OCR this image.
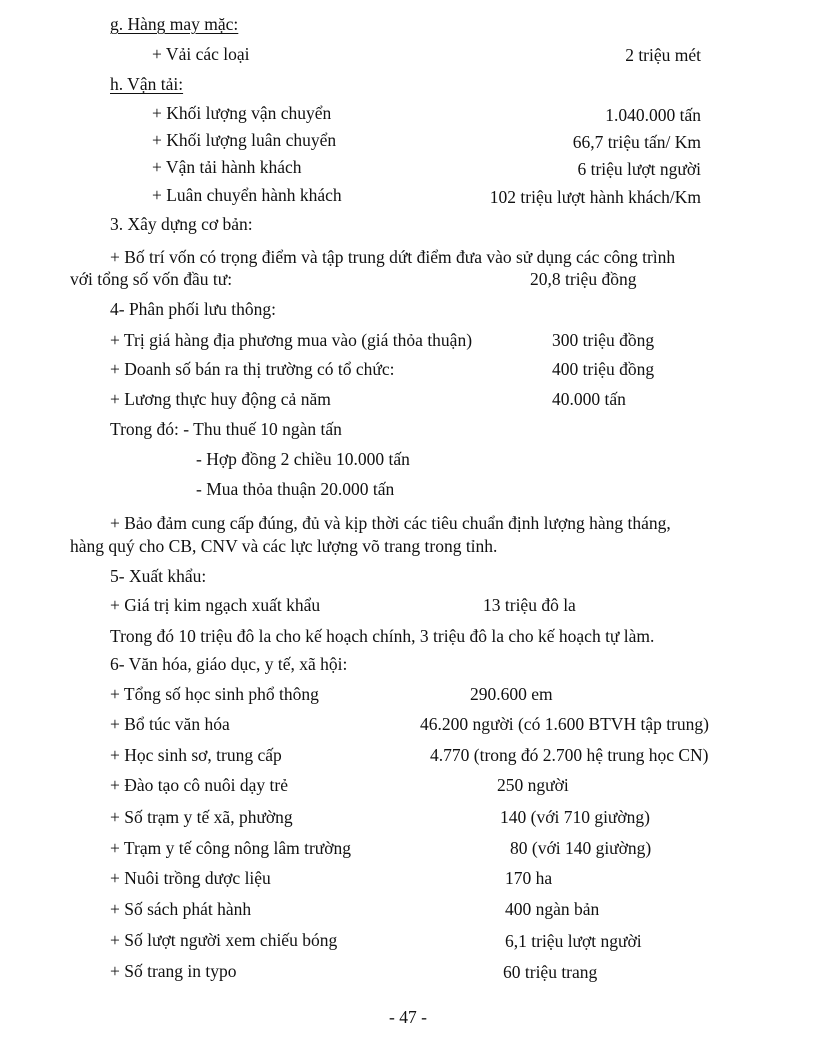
g. Hàng may mặc:
+ Vải các loại	2 triệu mét
h. Vận tải:
+ Khối lượng vận chuyển	1.040.000 tấn
+ Khối lượng luân chuyển	66,7 triệu tấn/ Km
+ Vận tải hành khách	6 triệu lượt người
+ Luân chuyển hành khách	102 triệu lượt hành khách/Km
3. Xây dựng cơ bản:
+ Bố trí vốn có trọng điểm và tập trung dứt điểm đưa vào sử dụng các công trình
với tổng số vốn đầu tư:	20,8 triệu đồng
4- Phân phối lưu thông:
+ Trị giá hàng địa phương mua vào (giá thỏa thuận)	300 triệu đồng
+ Doanh số bán ra thị trường có tổ chức:	400 triệu đồng
+ Lương thực huy động cả năm	40.000 tấn
Trong đó: - Thu thuế 10 ngàn tấn
- Hợp đồng 2 chiều 10.000 tấn
- Mua thỏa thuận 20.000 tấn
+ Bảo đảm cung cấp đúng, đủ và kịp thời các tiêu chuẩn định lượng hàng tháng,
hàng quý cho CB, CNV và các lực lượng võ trang trong tỉnh.
5- Xuất khẩu:
+ Giá trị kim ngạch xuất khẩu	13 triệu đô la
Trong đó 10 triệu đô la cho kế hoạch chính, 3 triệu đô la cho kế hoạch tự làm.
6- Văn hóa, giáo dục, y tế, xã hội:
+ Tổng số học sinh phổ thông	290.600 em
+ Bổ túc văn hóa	46.200 người (có 1.600 BTVH tập trung)
+ Học sinh sơ, trung cấp	4.770 (trong đó 2.700 hệ trung học CN)
+ Đào tạo cô nuôi dạy trẻ	250 người
+ Số trạm y tế xã, phường	140 (với 710 giường)
+ Trạm y tế công nông lâm trường	80 (với 140 giường)
+ Nuôi trồng dược liệu	170 ha
+ Số sách phát hành	400 ngàn bản
+ Số lượt người xem chiếu bóng	6,1 triệu lượt người
+ Số trang in typo	60 triệu trang
- 47 -
